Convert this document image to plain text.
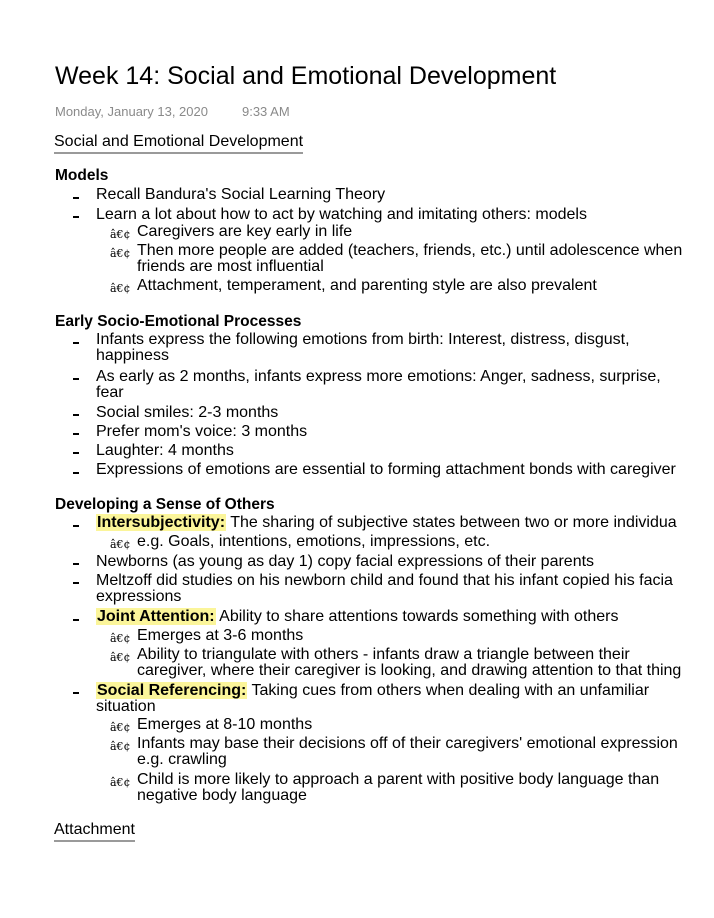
Week 14: Social and Emotional Development
Monday, January 13, 2020	9:33 AM
Social and Emotional Development
Models
Recall Bandura's Social Learning Theory
Learn a lot about how to act by watching and imitating others: models
â€¢ Caregivers are key early in life
â€¢ Then more people are added (teachers, friends, etc.) until adolescence when
friends are most influential
â€¢ Attachment, temperament, and parenting style are also prevalent
Early Socio-Emotional Processes
Infants express the following emotions from birth: Interest, distress, disgust,
happiness
As early as 2 months, infants express more emotions: Anger, sadness, surprise,
fear
Social smiles: 2-3 months
Prefer mom's voice: 3 months
Laughter: 4 months
Expressions of emotions are essential to forming attachment bonds with caregiver
Developing a Sense of Others
Intersubjectivity: The sharing of subjective states between two or more individua
â€¢ e.g. Goals, intentions, emotions, impressions, etc.
Newborns (as young as day 1) copy facial expressions of their parents
Meltzoff did studies on his newborn child and found that his infant copied his facia
expressions
Joint Attention: Ability to share attentions towards something with others
â€¢ Emerges at 3-6 months
â€¢ Ability to triangulate with others - infants draw a triangle between their
caregiver, where their caregiver is looking, and drawing attention to that thing
Social Referencing: Taking cues from others when dealing with an unfamiliar
situation
â€¢ Emerges at 8-10 months
â€¢ Infants may base their decisions off of their caregivers' emotional expression
e.g. crawling
â€¢ Child is more likely to approach a parent with positive body language than
negative body language
Attachment
